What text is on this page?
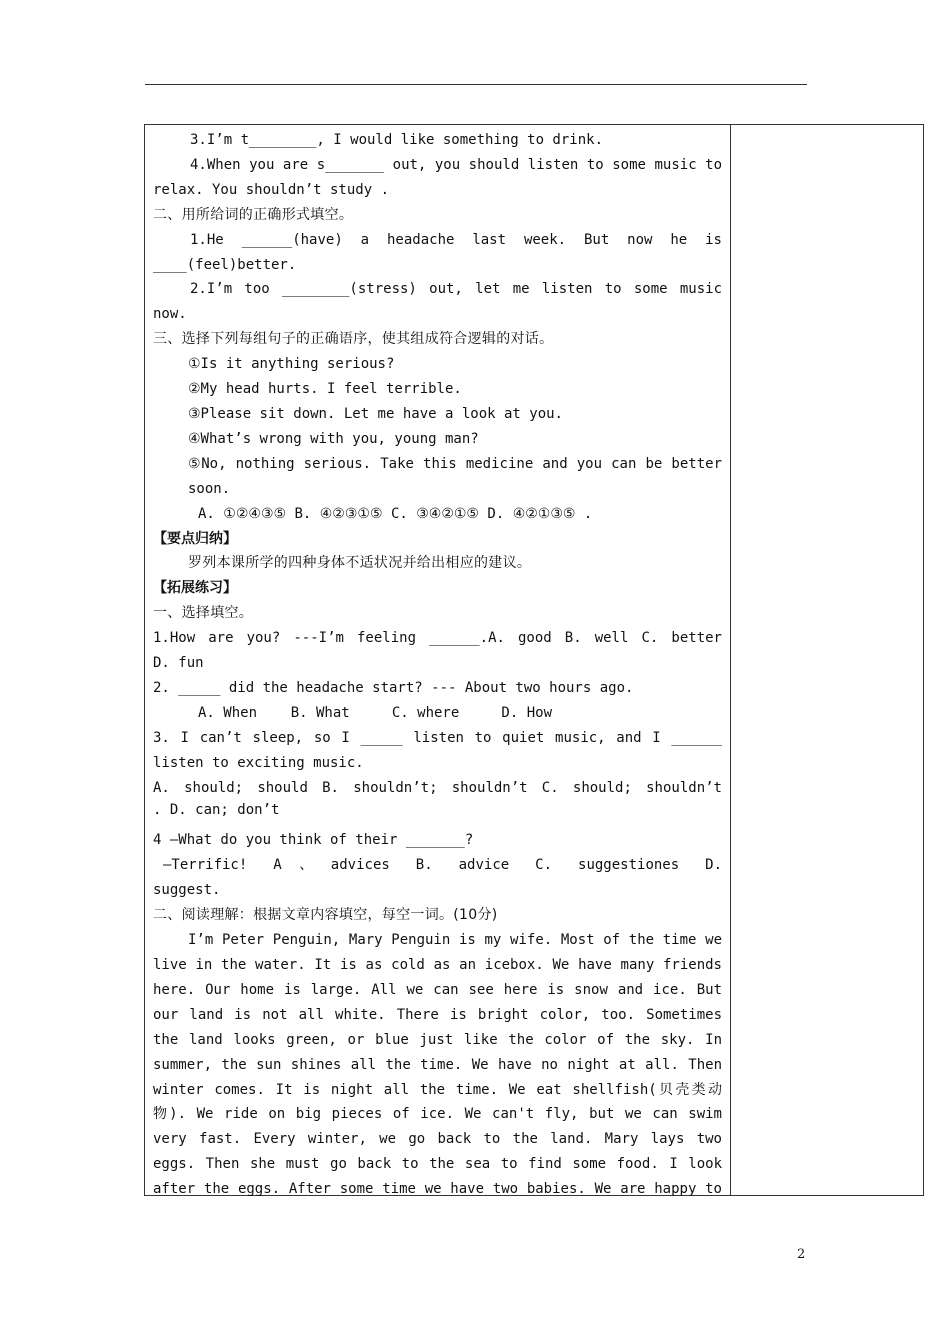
3.I’m t________, I would like something to drink.
4.When you are s_______ out, you should listen to some music to
relax. You shouldn’t study .
二、用所给词的正确形式填空。
1.He ______(have) a headache last week. But now he is
____(feel)better.
2.I’m too ________(stress) out, let me listen to some music
now.
三、选择下列每组句子的正确语序，使其组成符合逻辑的对话。
①Is it anything serious?
②My head hurts. I feel terrible.
③Please sit down. Let me have a look at you.
④What’s wrong with you, young man?
⑤No, nothing serious. Take this medicine and you can be better
soon.
A. ①②④③⑤ B. ④②③①⑤ C. ③④②①⑤ D. ④②①③⑤ .
【要点归纳】
罗列本课所学的四种身体不适状况并给出相应的建议。
【拓展练习】
一、选择填空。
1.How are you? ---I’m feeling ______.A. good B. well C. better
D. fun
2. _____ did the headache start? --- About two hours ago.
A. When    B. What     C. where     D. How
3. I can’t sleep, so I _____ listen to quiet music, and I ______
listen to exciting music.
A. should; should B. shouldn’t; shouldn’t C. should; shouldn’t
. D. can; don’t
4 —What do you think of their _______?
—Terrific! A、advices B. advice C. suggestiones D.
suggest.
二、阅读理解：根据文章内容填空，每空一词。(10分)
I’m Peter Penguin, Mary Penguin is my wife. Most of the time we
live in the water. It is as cold as an icebox. We have many friends
here. Our home is large. All we can see here is snow and ice. But
our land is not all white. There is bright color, too. Sometimes
the land looks green, or blue just like the color of the sky. In
summer, the sun shines all the time. We have no night at all. Then
winter comes. It is night all the time. We eat shellfish(贝壳类动
物). We ride on big pieces of ice. We can't fly, but we can swim
very fast. Every winter, we go back to the land. Mary lays two
eggs. Then she must go back to the sea to find some food. I look
after the eggs. After some time we have two babies. We are happy to
2
